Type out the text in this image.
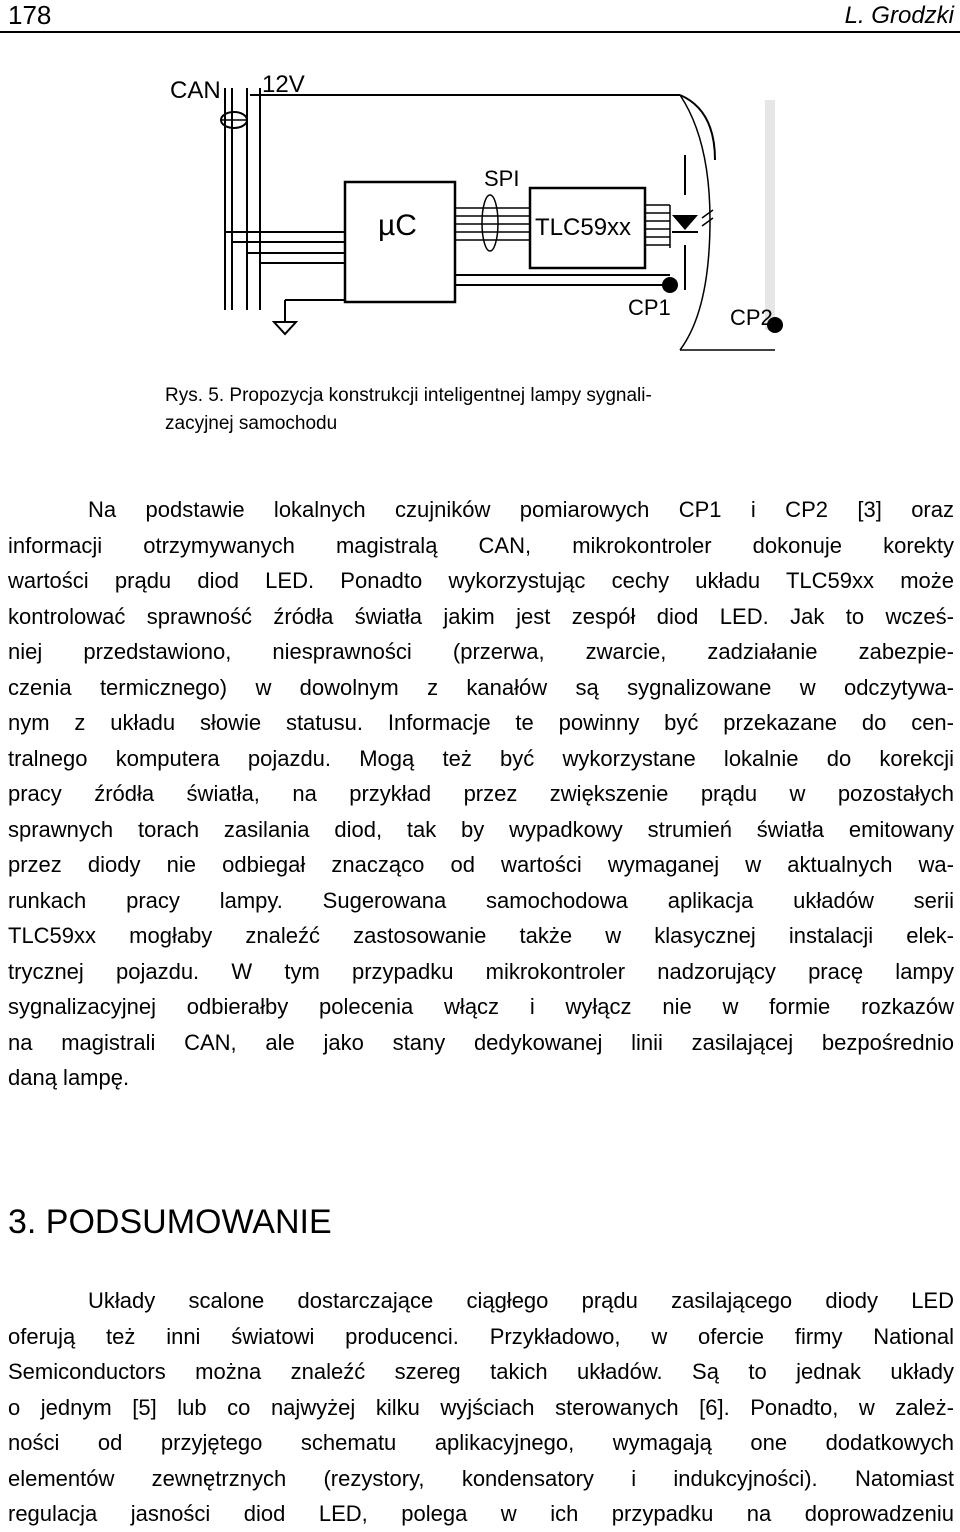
178	L. Grodzki
CAN 12V
µC
SPI
TLC59xx
CP1	CP2
Rys. 5. Propozycja konstrukcji inteligentnej lampy sygnali-
zacyjnej samochodu
Na podstawie lokalnych czujników pomiarowych CP1 i CP2 [3] oraz
informacji otrzymywanych magistralą CAN, mikrokontroler dokonuje korekty
wartości prądu diod LED. Ponadto wykorzystując cechy układu TLC59xx może
kontrolować sprawność źródła światła jakim jest zespół diod LED. Jak to wcześ-
niej przedstawiono, niesprawności (przerwa, zwarcie, zadziałanie zabezpie-
czenia termicznego) w dowolnym z kanałów są sygnalizowane w odczytywa-
nym z układu słowie statusu. Informacje te powinny być przekazane do cen-
tralnego komputera pojazdu. Mogą też być wykorzystane lokalnie do korekcji
pracy źródła światła, na przykład przez zwiększenie prądu w pozostałych
sprawnych torach zasilania diod, tak by wypadkowy strumień światła emitowany
przez diody nie odbiegał znacząco od wartości wymaganej w aktualnych wa-
runkach pracy lampy. Sugerowana samochodowa aplikacja układów serii
TLC59xx mogłaby znaleźć zastosowanie także w klasycznej instalacji elek-
trycznej pojazdu. W tym przypadku mikrokontroler nadzorujący pracę lampy
sygnalizacyjnej odbierałby polecenia włącz i wyłącz nie w formie rozkazów
na magistrali CAN, ale jako stany dedykowanej linii zasilającej bezpośrednio
daną lampę.
3. PODSUMOWANIE
Układy scalone dostarczające ciągłego prądu zasilającego diody LED
oferują też inni światowi producenci. Przykładowo, w ofercie firmy National
Semiconductors można znaleźć szereg takich układów. Są to jednak układy
o jednym [5] lub co najwyżej kilku wyjściach sterowanych [6]. Ponadto, w zależ-
ności od przyjętego schematu aplikacyjnego, wymagają one dodatkowych
elementów zewnętrznych (rezystory, kondensatory i indukcyjności). Natomiast
regulacja jasności diod LED, polega w ich przypadku na doprowadzeniu
